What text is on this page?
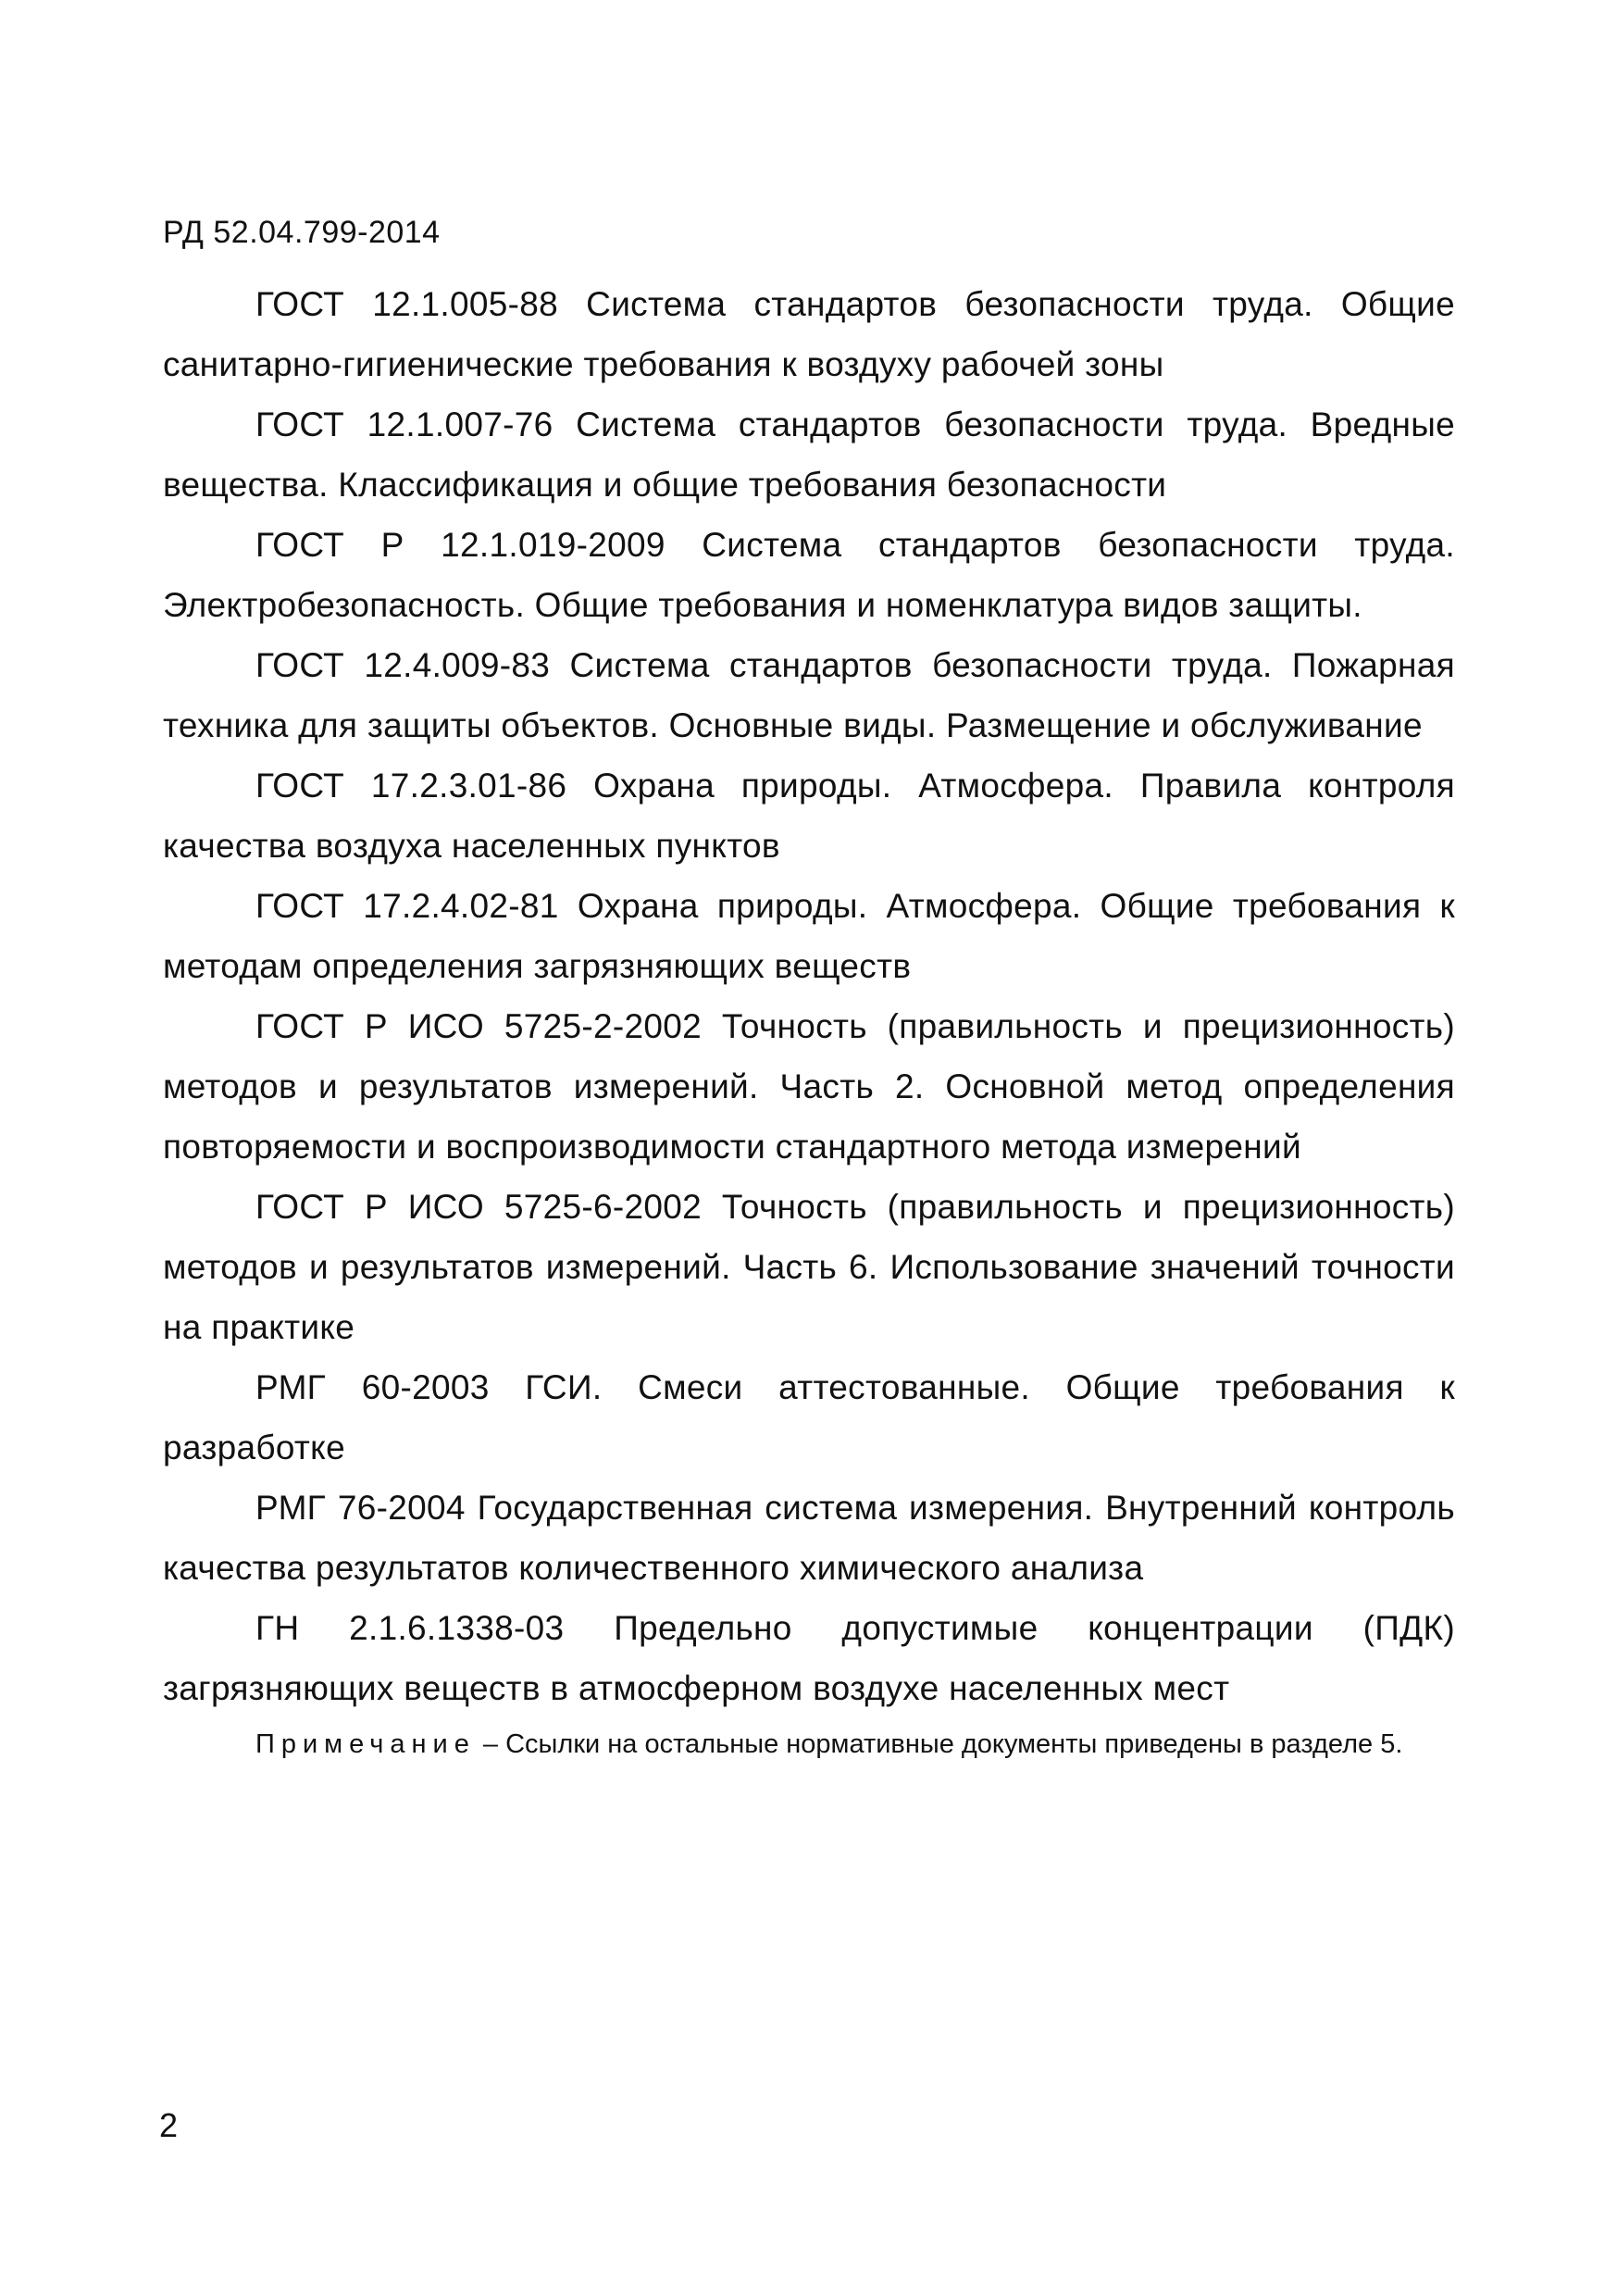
РД 52.04.799-2014

ГОСТ 12.1.005-88 Система стандартов безопасности труда. Общие санитарно-гигиенические требования к воздуху рабочей зоны

ГОСТ 12.1.007-76 Система стандартов безопасности труда. Вредные вещества. Классификация и общие требования безопасности

ГОСТ Р 12.1.019-2009 Система стандартов безопасности труда. Электробезопасность. Общие требования и номенклатура видов защиты.

ГОСТ 12.4.009-83 Система стандартов безопасности труда. Пожарная техника для защиты объектов. Основные виды. Размещение и обслуживание

ГОСТ 17.2.3.01-86 Охрана природы. Атмосфера. Правила контроля качества воздуха населенных пунктов

ГОСТ 17.2.4.02-81 Охрана природы. Атмосфера. Общие требования к методам определения загрязняющих веществ

ГОСТ Р ИСО 5725-2-2002 Точность (правильность и прецизионность) методов и результатов измерений. Часть 2. Основной метод определения повторяемости и воспроизводимости стандартного метода измерений

ГОСТ Р ИСО 5725-6-2002 Точность (правильность и прецизионность) методов и результатов измерений. Часть 6. Использование значений точности на практике

РМГ 60-2003 ГСИ. Смеси аттестованные. Общие требования к разработке

РМГ 76-2004 Государственная система измерения. Внутренний контроль качества результатов количественного химического анализа

ГН 2.1.6.1338-03 Предельно допустимые концентрации (ПДК) загрязняющих веществ в атмосферном воздухе населенных мест

Примечание – Ссылки на остальные нормативные документы приведены в разделе 5.

2
